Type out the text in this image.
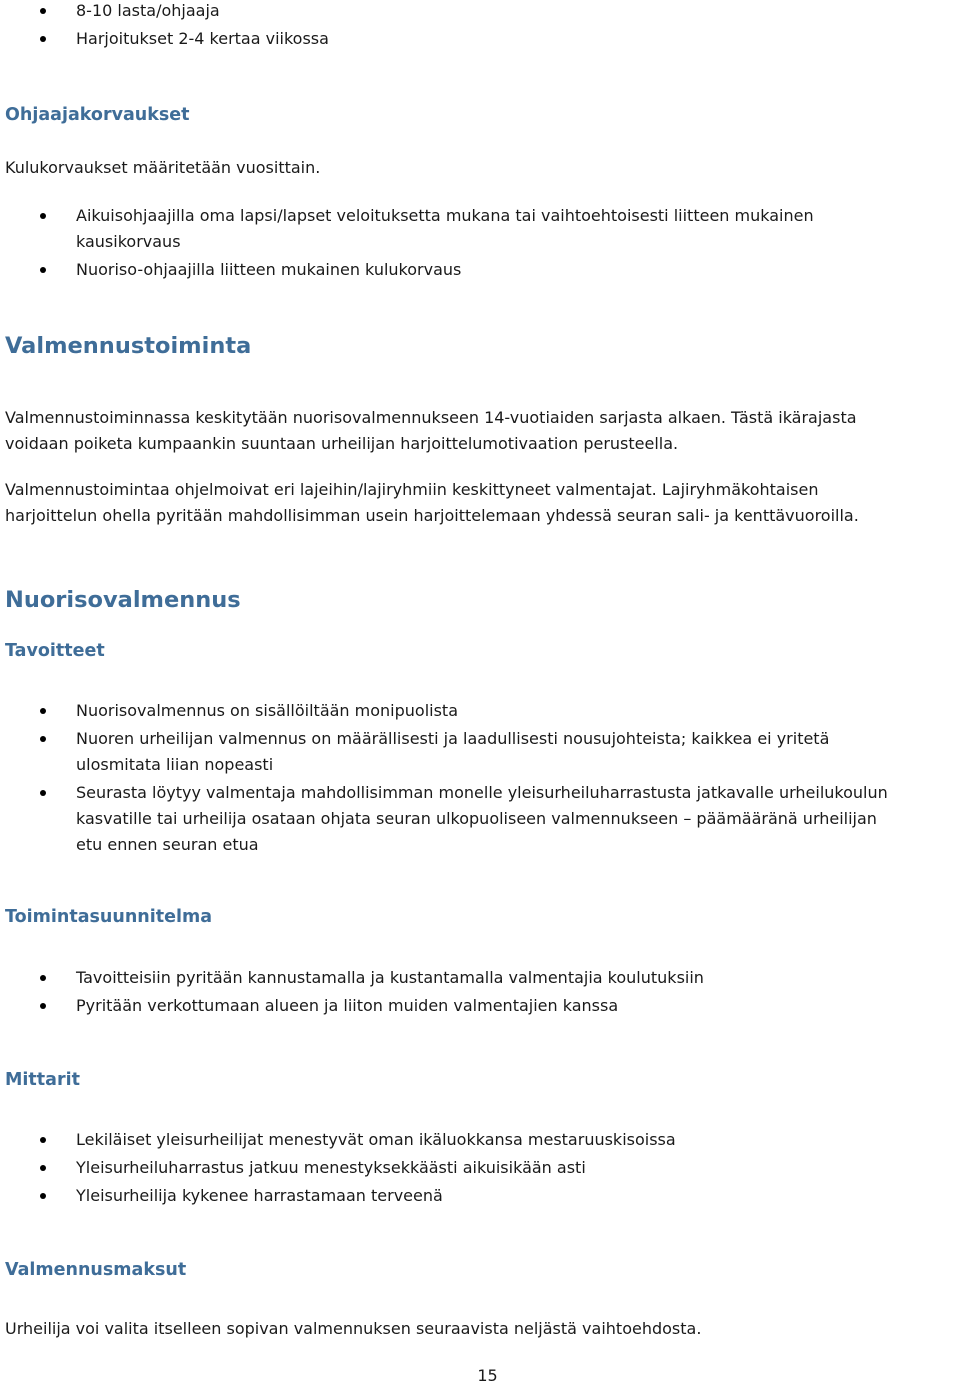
8-10 lasta/ohjaaja
Harjoitukset 2-4 kertaa viikossa
Ohjaajakorvaukset
Kulukorvaukset määritetään vuosittain.
Aikuisohjaajilla oma lapsi/lapset veloituksetta mukana tai vaihtoehtoisesti liitteen mukainen
kausikorvaus
Nuoriso-ohjaajilla liitteen mukainen kulukorvaus
Valmennustoiminta
Valmennustoiminnassa keskitytään nuorisovalmennukseen 14-vuotiaiden sarjasta alkaen. Tästä ikärajasta
voidaan poiketa kumpaankin suuntaan urheilijan harjoittelumotivaation perusteella.
Valmennustoimintaa ohjelmoivat eri lajeihin/lajiryhmiin keskittyneet valmentajat. Lajiryhmäkohtaisen
harjoittelun ohella pyritään mahdollisimman usein harjoittelemaan yhdessä seuran sali- ja kenttävuoroilla.
Nuorisovalmennus
Tavoitteet
Nuorisovalmennus on sisällöiltään monipuolista
Nuoren urheilijan valmennus on määrällisesti ja laadullisesti nousujohteista; kaikkea ei yritetä
ulosmitata liian nopeasti
Seurasta löytyy valmentaja mahdollisimman monelle yleisurheiluharrastusta jatkavalle urheilukoulun
kasvatille tai urheilija osataan ohjata seuran ulkopuoliseen valmennukseen – päämääränä urheilijan
etu ennen seuran etua
Toimintasuunnitelma
Tavoitteisiin pyritään kannustamalla ja kustantamalla valmentajia koulutuksiin
Pyritään verkottumaan alueen ja liiton muiden valmentajien kanssa
Mittarit
Lekiläiset yleisurheilijat menestyvät oman ikäluokkansa mestaruuskisoissa
Yleisurheiluharrastus jatkuu menestyksekkäästi aikuisikään asti
Yleisurheilija kykenee harrastamaan terveenä
Valmennusmaksut
Urheilija voi valita itselleen sopivan valmennuksen seuraavista neljästä vaihtoehdosta.
15
